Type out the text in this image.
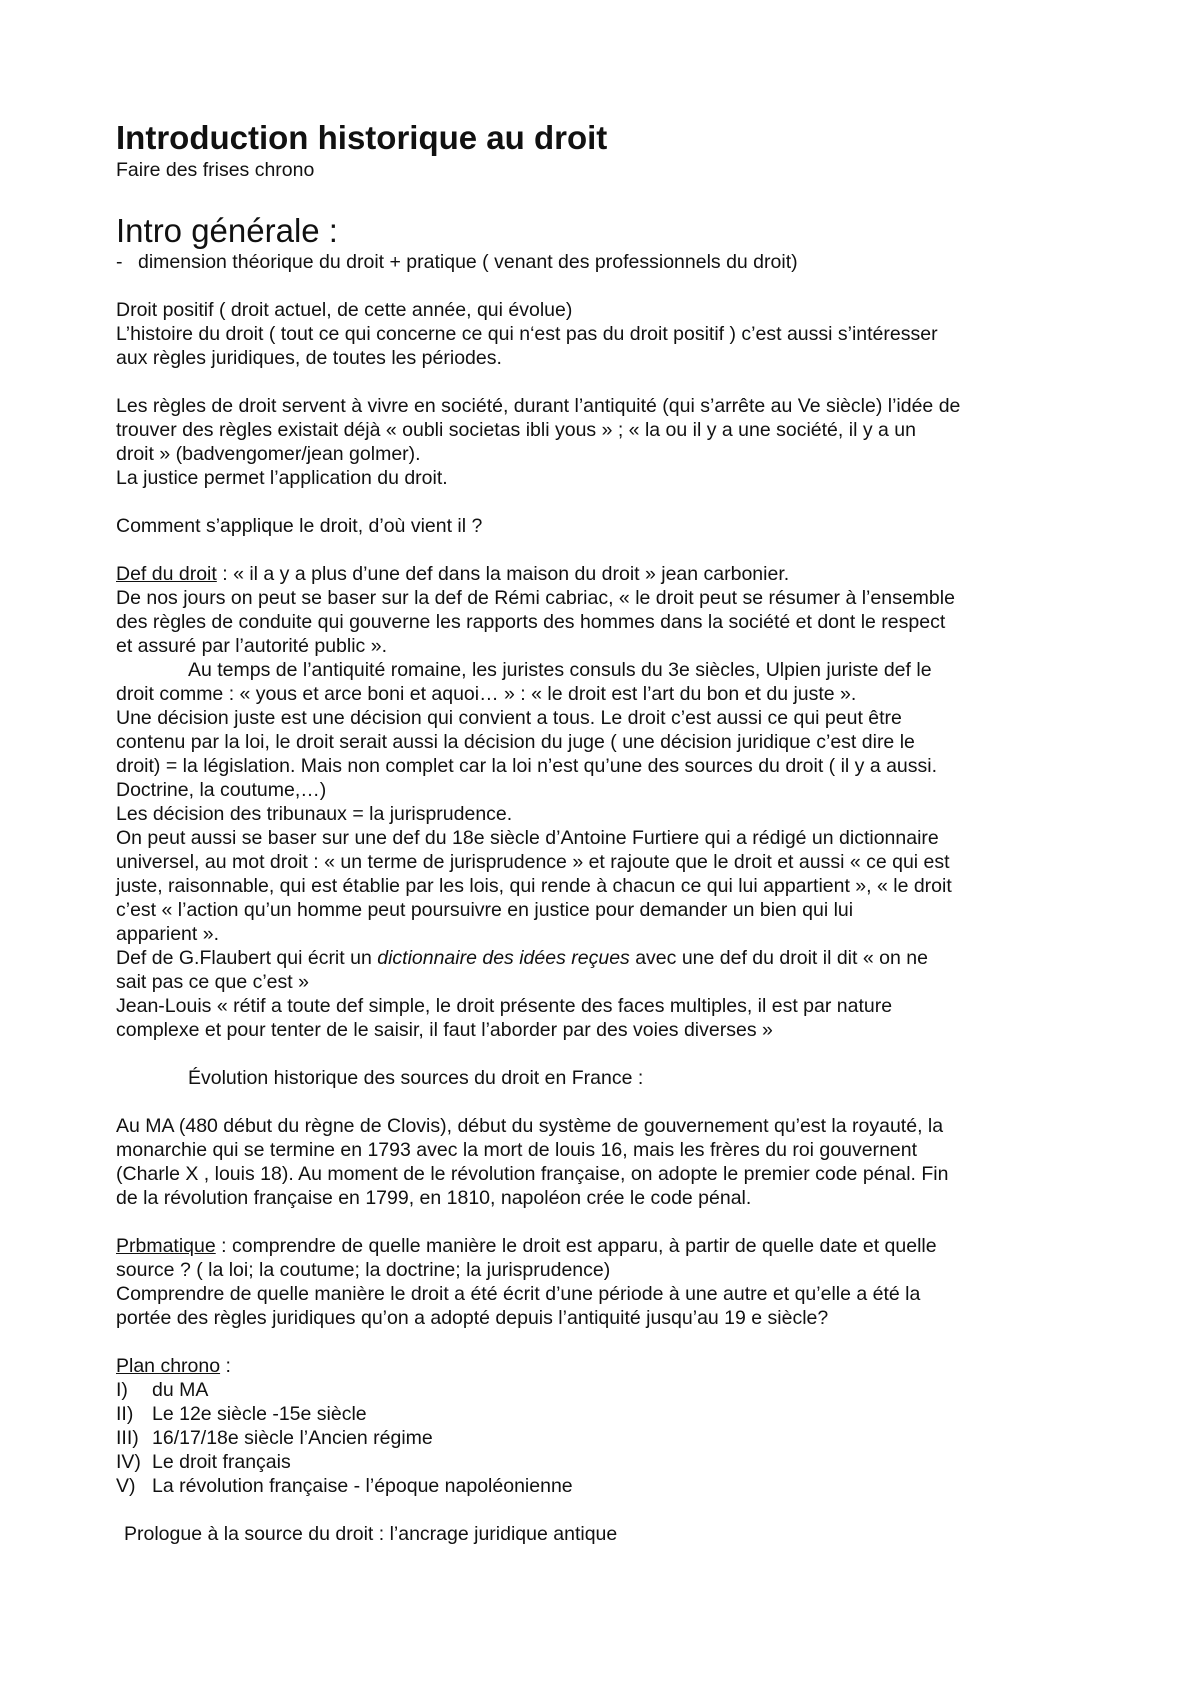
Introduction historique au droit

Faire des frises chrono

Intro générale :
- dimension théorique du droit + pratique ( venant des professionnels du droit)

Droit positif ( droit actuel, de cette année, qui évolue)

L’histoire du droit ( tout ce qui concerne ce qui n‘est pas du droit positif ) c’est aussi s’intéresser

aux règles juridiques, de toutes les périodes.

Les règles de droit servent à vivre en société, durant l’antiquité (qui s’arrête au Ve siècle) l’idée de

trouver des règles existait déjà « oubli societas ibli yous » ; « la ou il y a une société, il y a un

droit » (badvengomer/jean golmer).

La justice permet l’application du droit.

Comment s’applique le droit, d’où vient il ?

Def du droit : « il a y a plus d’une def dans la maison du droit » jean carbonier.

De nos jours on peut se baser sur la def de Rémi cabriac, « le droit peut se résumer à l’ensemble

des règles de conduite qui gouverne les rapports des hommes dans la société et dont le respect

et assuré par l’autorité public ».

Au temps de l’antiquité romaine, les juristes consuls du 3e siècles, Ulpien juriste def le

droit comme : « yous et arce boni et aquoi… » : « le droit est l’art du bon et du juste ».

Une décision juste est une décision qui convient a tous. Le droit c’est aussi ce qui peut être

contenu par la loi, le droit serait aussi la décision du juge ( une décision juridique c’est dire le

droit) = la législation. Mais non complet car la loi n’est qu’une des sources du droit ( il y a aussi.

Doctrine, la coutume,…)

Les décision des tribunaux = la jurisprudence.

On peut aussi se baser sur une def du 18e siècle d’Antoine Furtiere qui a rédigé un dictionnaire

universel, au mot droit : « un terme de jurisprudence » et rajoute que le droit et aussi « ce qui est

juste, raisonnable, qui est établie par les lois, qui rende à chacun ce qui lui appartient », « le droit

c’est « l’action qu’un homme peut poursuivre en justice pour demander un bien qui lui

apparient ».

Def de G.Flaubert qui écrit un dictionnaire des idées reçues avec une def du droit il dit « on ne

sait pas ce que c’est »

Jean-Louis « rétif a toute def simple, le droit présente des faces multiples, il est par nature

complexe et pour tenter de le saisir, il faut l’aborder par des voies diverses »

Évolution historique des sources du droit en France :

Au MA (480 début du règne de Clovis), début du système de gouvernement qu’est la royauté, la

monarchie qui se termine en 1793 avec la mort de louis 16, mais les frères du roi gouvernent

(Charle X , louis 18). Au moment de le révolution française, on adopte le premier code pénal. Fin

de la révolution française en 1799, en 1810, napoléon crée le code pénal.

Prbmatique : comprendre de quelle manière le droit est apparu, à partir de quelle date et quelle

source ? ( la loi; la coutume; la doctrine; la jurisprudence)

Comprendre de quelle manière le droit a été écrit d’une période à une autre et qu’elle a été la

portée des règles juridiques qu’on a adopté depuis l’antiquité jusqu’au 19 e siècle?

Plan chrono :

I) du MA
II) Le 12e siècle -15e siècle
III) 16/17/18e siècle l’Ancien régime
IV) Le droit français
V) La révolution française - l’époque napoléonienne

Prologue à la source du droit : l’ancrage juridique antique
